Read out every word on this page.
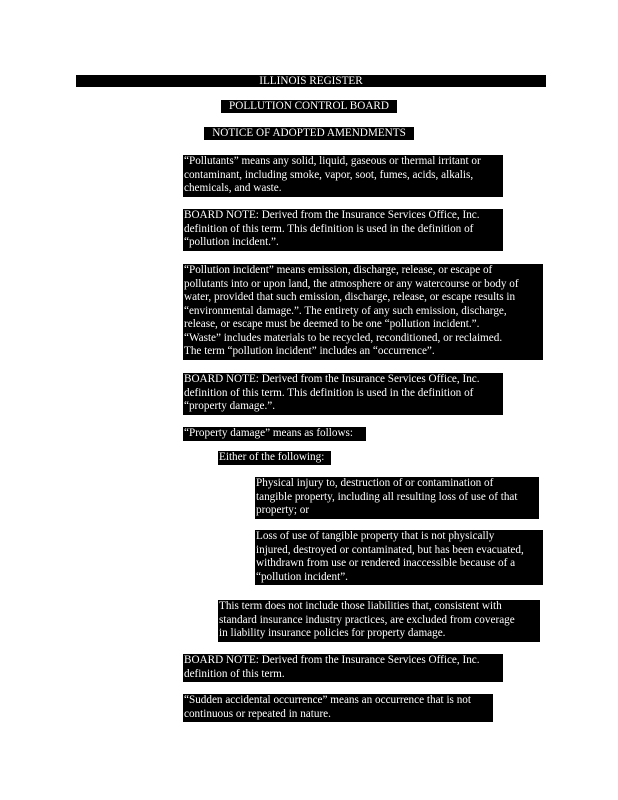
ILLINOIS REGISTER
POLLUTION CONTROL BOARD
NOTICE OF ADOPTED AMENDMENTS
“Pollutants” means any solid, liquid, gaseous or thermal irritant or
contaminant, including smoke, vapor, soot, fumes, acids, alkalis,
chemicals, and waste.
BOARD NOTE: Derived from the Insurance Services Office, Inc.
definition of this term. This definition is used in the definition of
“pollution incident.”.
“Pollution incident” means emission, discharge, release, or escape of
pollutants into or upon land, the atmosphere or any watercourse or body of
water, provided that such emission, discharge, release, or escape results in
“environmental damage.”. The entirety of any such emission, discharge,
release, or escape must be deemed to be one “pollution incident.”.
“Waste” includes materials to be recycled, reconditioned, or reclaimed.
The term “pollution incident” includes an “occurrence”.
BOARD NOTE: Derived from the Insurance Services Office, Inc.
definition of this term. This definition is used in the definition of
“property damage.”.
“Property damage” means as follows:
Either of the following:
Physical injury to, destruction of or contamination of
tangible property, including all resulting loss of use of that
property; or
Loss of use of tangible property that is not physically
injured, destroyed or contaminated, but has been evacuated,
withdrawn from use or rendered inaccessible because of a
“pollution incident”.
This term does not include those liabilities that, consistent with
standard insurance industry practices, are excluded from coverage
in liability insurance policies for property damage.
BOARD NOTE: Derived from the Insurance Services Office, Inc.
definition of this term.
“Sudden accidental occurrence” means an occurrence that is not
continuous or repeated in nature.
